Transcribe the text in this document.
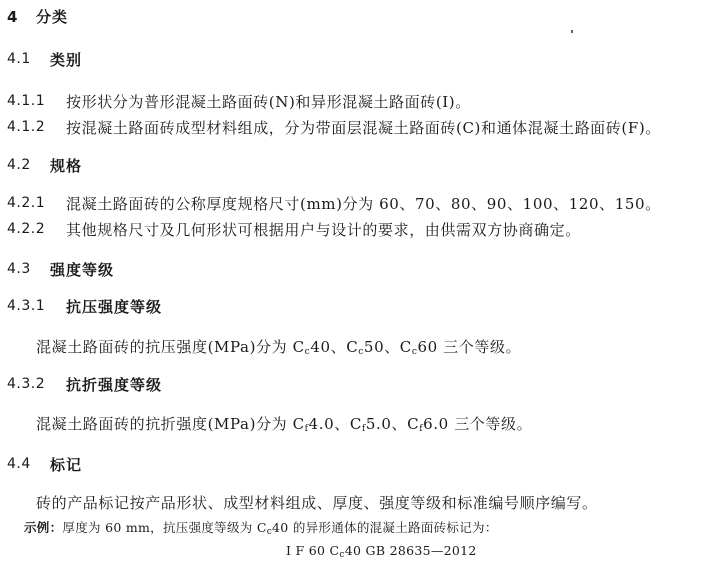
4 分类
4.1 类别
4.1.1 按形状分为普形混凝土路面砖(N)和异形混凝土路面砖(I)。
4.1.2 按混凝土路面砖成型材料组成，分为带面层混凝土路面砖(C)和通体混凝土路面砖(F)。
4.2 规格
4.2.1 混凝土路面砖的公称厚度规格尺寸(mm)分为 60、70、80、90、100、120、150。
4.2.2 其他规格尺寸及几何形状可根据用户与设计的要求，由供需双方协商确定。
4.3 强度等级
4.3.1 抗压强度等级
混凝土路面砖的抗压强度(MPa)分为 $C_c40$、$C_c50$、$C_c60$ 三个等级。
4.3.2 抗折强度等级
混凝土路面砖的抗折强度(MPa)分为 $C_f4.0$、$C_f5.0$、$C_f6.0$ 三个等级。
4.4 标记
砖的产品标记按产品形状、成型材料组成、厚度、强度等级和标准编号顺序编写。
示例：厚度为 60 mm，抗压强度等级为 $C_c40$ 的异形通体的混凝土路面砖标记为：
I F 60 $C_c40$ GB 28635—2012
